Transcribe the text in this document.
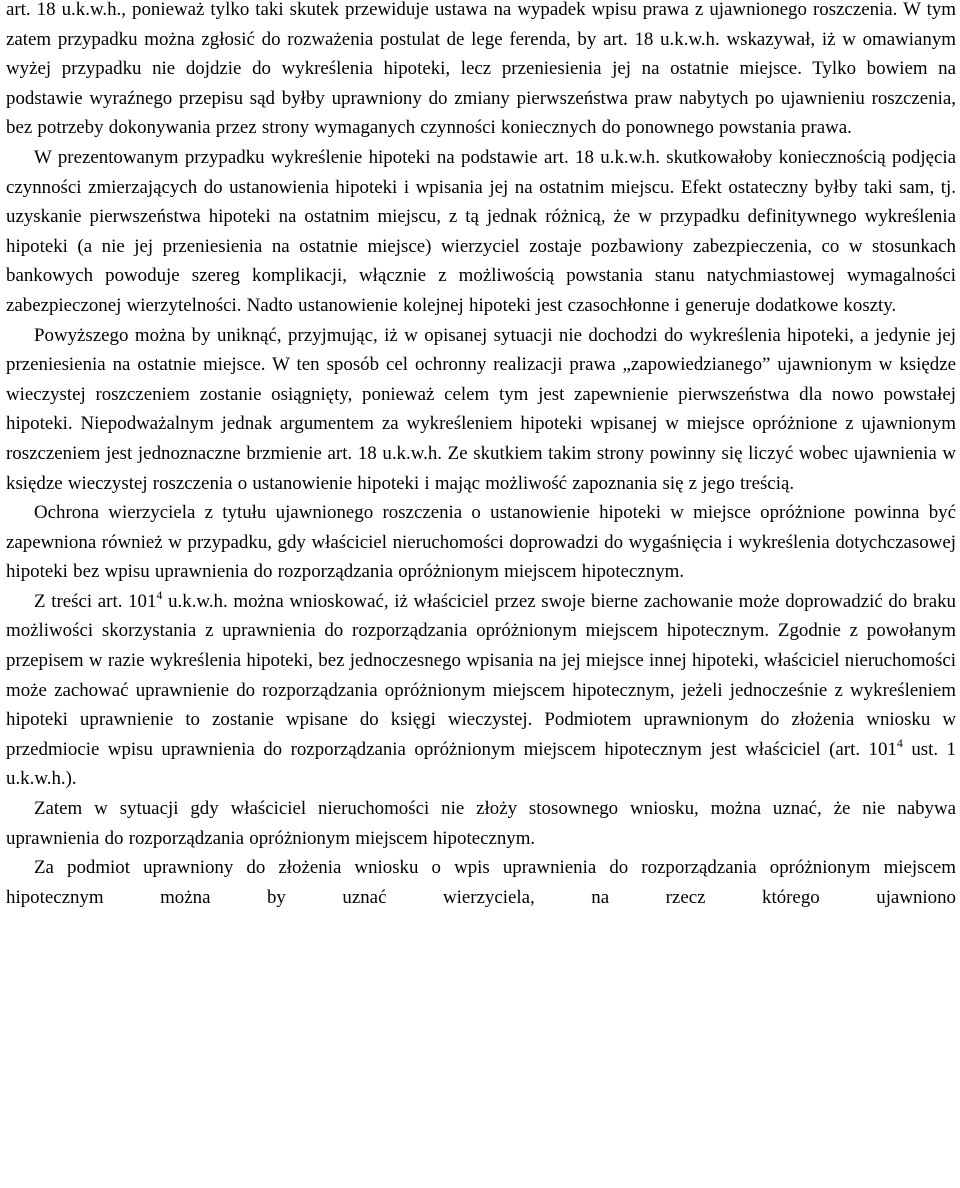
art. 18 u.k.w.h., ponieważ tylko taki skutek przewiduje ustawa na wypadek wpisu prawa z ujawnionego roszczenia. W tym zatem przypadku można zgłosić do rozważenia postulat de lege ferenda, by art. 18 u.k.w.h. wskazywał, iż w omawianym wyżej przypadku nie dojdzie do wykreślenia hipoteki, lecz przeniesienia jej na ostatnie miejsce. Tylko bowiem na podstawie wyraźnego przepisu sąd byłby uprawniony do zmiany pierwszeństwa praw nabytych po ujawnieniu roszczenia, bez potrzeby dokonywania przez strony wymaganych czynności koniecznych do ponownego powstania prawa.

W prezentowanym przypadku wykreślenie hipoteki na podstawie art. 18 u.k.w.h. skutkowałoby koniecznością podjęcia czynności zmierzających do ustanowienia hipoteki i wpisania jej na ostatnim miejscu. Efekt ostateczny byłby taki sam, tj. uzyskanie pierwszeństwa hipoteki na ostatnim miejscu, z tą jednak różnicą, że w przypadku definitywnego wykreślenia hipoteki (a nie jej przeniesienia na ostatnie miejsce) wierzyciel zostaje pozbawiony zabezpieczenia, co w stosunkach bankowych powoduje szereg komplikacji, włącznie z możliwością powstania stanu natychmiastowej wymagalności zabezpieczonej wierzytelności. Nadto ustanowienie kolejnej hipoteki jest czasochłonne i generuje dodatkowe koszty.

Powyższego można by uniknąć, przyjmując, iż w opisanej sytuacji nie dochodzi do wykreślenia hipoteki, a jedynie jej przeniesienia na ostatnie miejsce. W ten sposób cel ochronny realizacji prawa „zapowiedzianego” ujawnionym w księdze wieczystej roszczeniem zostanie osiągnięty, ponieważ celem tym jest zapewnienie pierwszeństwa dla nowo powstałej hipoteki. Niepodważalnym jednak argumentem za wykreśleniem hipoteki wpisanej w miejsce opróżnione z ujawnionym roszczeniem jest jednoznaczne brzmienie art. 18 u.k.w.h. Ze skutkiem takim strony powinny się liczyć wobec ujawnienia w księdze wieczystej roszczenia o ustanowienie hipoteki i mając możliwość zapoznania się z jego treścią.

Ochrona wierzyciela z tytułu ujawnionego roszczenia o ustanowienie hipoteki w miejsce opróżnione powinna być zapewniona również w przypadku, gdy właściciel nieruchomości doprowadzi do wygaśnięcia i wykreślenia dotychczasowej hipoteki bez wpisu uprawnienia do rozporządzania opróżnionym miejscem hipotecznym.

Z treści art. $101^4$ u.k.w.h. można wnioskować, iż właściciel przez swoje bierne zachowanie może doprowadzić do braku możliwości skorzystania z uprawnienia do rozporządzania opróżnionym miejscem hipotecznym. Zgodnie z powołanym przepisem w razie wykreślenia hipoteki, bez jednoczesnego wpisania na jej miejsce innej hipoteki, właściciel nieruchomości może zachować uprawnienie do rozporządzania opróżnionym miejscem hipotecznym, jeżeli jednocześnie z wykreśleniem hipoteki uprawnienie to zostanie wpisane do księgi wieczystej. Podmiotem uprawnionym do złożenia wniosku w przedmiocie wpisu uprawnienia do rozporządzania opróżnionym miejscem hipotecznym jest właściciel (art. $101^4$ ust. 1 u.k.w.h.).

Zatem w sytuacji gdy właściciel nieruchomości nie złoży stosownego wniosku, można uznać, że nie nabywa uprawnienia do rozporządzania opróżnionym miejscem hipotecznym.

Za podmiot uprawniony do złożenia wniosku o wpis uprawnienia do rozporządzania opróżnionym miejscem hipotecznym można by uznać wierzyciela, na rzecz którego ujawniono
